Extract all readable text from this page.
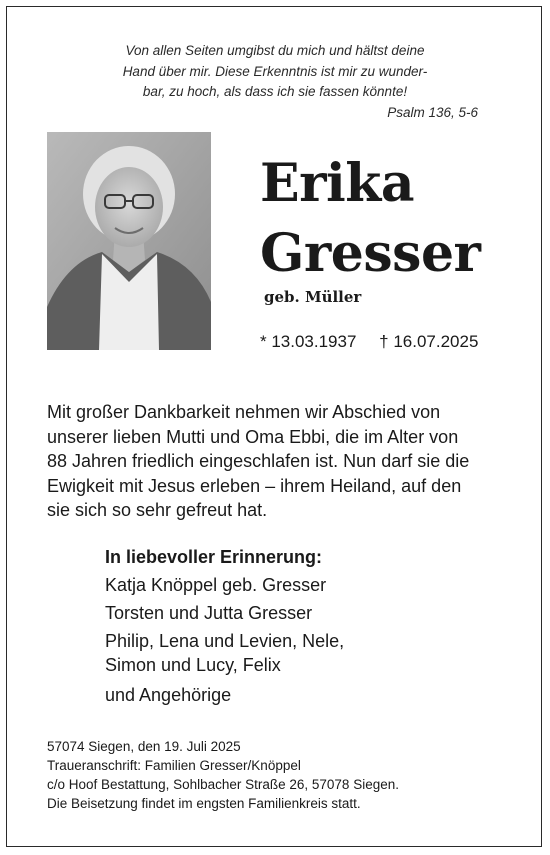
Von allen Seiten umgibst du mich und hältst deine
Hand über mir. Diese Erkenntnis ist mir zu wunder-
bar, zu hoch, als dass ich sie fassen könnte!
Psalm 136, 5-6
Erika
Gresser
geb. Müller
* 13.03.1937 † 16.07.2025
Mit großer Dankbarkeit nehmen wir Abschied von
unserer lieben Mutti und Oma Ebbi, die im Alter von
88 Jahren friedlich eingeschlafen ist. Nun darf sie die
Ewigkeit mit Jesus erleben – ihrem Heiland, auf den
sie sich so sehr gefreut hat.
In liebevoller Erinnerung:
Katja Knöppel geb. Gresser
Torsten und Jutta Gresser
Philip, Lena und Levien, Nele,
Simon und Lucy, Felix
und Angehörige
57074 Siegen, den 19. Juli 2025
Traueranschrift: Familien Gresser/Knöppel
c/o Hoof Bestattung, Sohlbacher Straße 26, 57078 Siegen.
Die Beisetzung findet im engsten Familienkreis statt.
